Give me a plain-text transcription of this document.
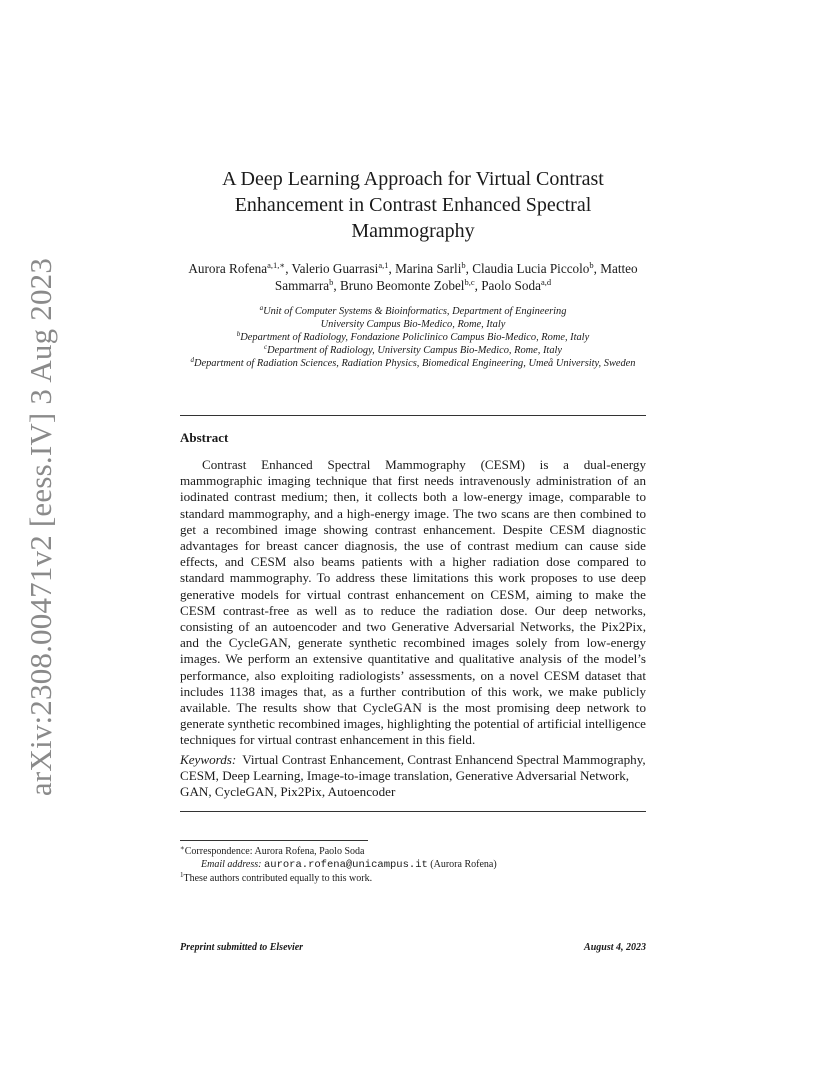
arXiv:2308.00471v2 [eess.IV] 3 Aug 2023
A Deep Learning Approach for Virtual Contrast
Enhancement in Contrast Enhanced Spectral
Mammography
Aurora Rofena$^{a,1,∗}$, Valerio Guarrasi$^{a,1}$, Marina Sarli$^b$, Claudia Lucia Piccolo$^b$, Matteo Sammarra$^b$, Bruno Beomonte Zobel$^{b,c}$, Paolo Soda$^{a,d}$
$^a$Unit of Computer Systems & Bioinformatics, Department of Engineering
University Campus Bio-Medico, Rome, Italy
$^b$Department of Radiology, Fondazione Policlinico Campus Bio-Medico, Rome, Italy
$^c$Department of Radiology, University Campus Bio-Medico, Rome, Italy
$^d$Department of Radiation Sciences, Radiation Physics, Biomedical Engineering, Umeå University, Sweden
Abstract

Contrast Enhanced Spectral Mammography (CESM) is a dual-energy mammographic imaging technique that first needs intravenously administration of an iodinated contrast medium; then, it collects both a low-energy image, comparable to standard mammography, and a high-energy image. The two scans are then combined to get a recombined image showing contrast enhancement. Despite CESM diagnostic advantages for breast cancer diagnosis, the use of contrast medium can cause side effects, and CESM also beams patients with a higher radiation dose compared to standard mammography. To address these limitations this work proposes to use deep generative models for virtual contrast enhancement on CESM, aiming to make the CESM contrast-free as well as to reduce the radiation dose. Our deep networks, consisting of an autoencoder and two Generative Adversarial Networks, the Pix2Pix, and the CycleGAN, generate synthetic recombined images solely from low-energy images. We perform an extensive quantitative and qualitative analysis of the model’s performance, also exploiting radiologists’ assessments, on a novel CESM dataset that includes 1138 images that, as a further contribution of this work, we make publicly available. The results show that CycleGAN is the most promising deep network to generate synthetic recombined images, highlighting the potential of artificial intelligence techniques for virtual contrast enhancement in this field.

Keywords: Virtual Contrast Enhancement, Contrast Enhancend Spectral Mammography, CESM, Deep Learning, Image-to-image translation, Generative Adversarial Network, GAN, CycleGAN, Pix2Pix, Autoencoder
∗Correspondence: Aurora Rofena, Paolo Soda
Email address: aurora.rofena@unicampus.it (Aurora Rofena)
$^1$These authors contributed equally to this work.
Preprint submitted to Elsevier	August 4, 2023
